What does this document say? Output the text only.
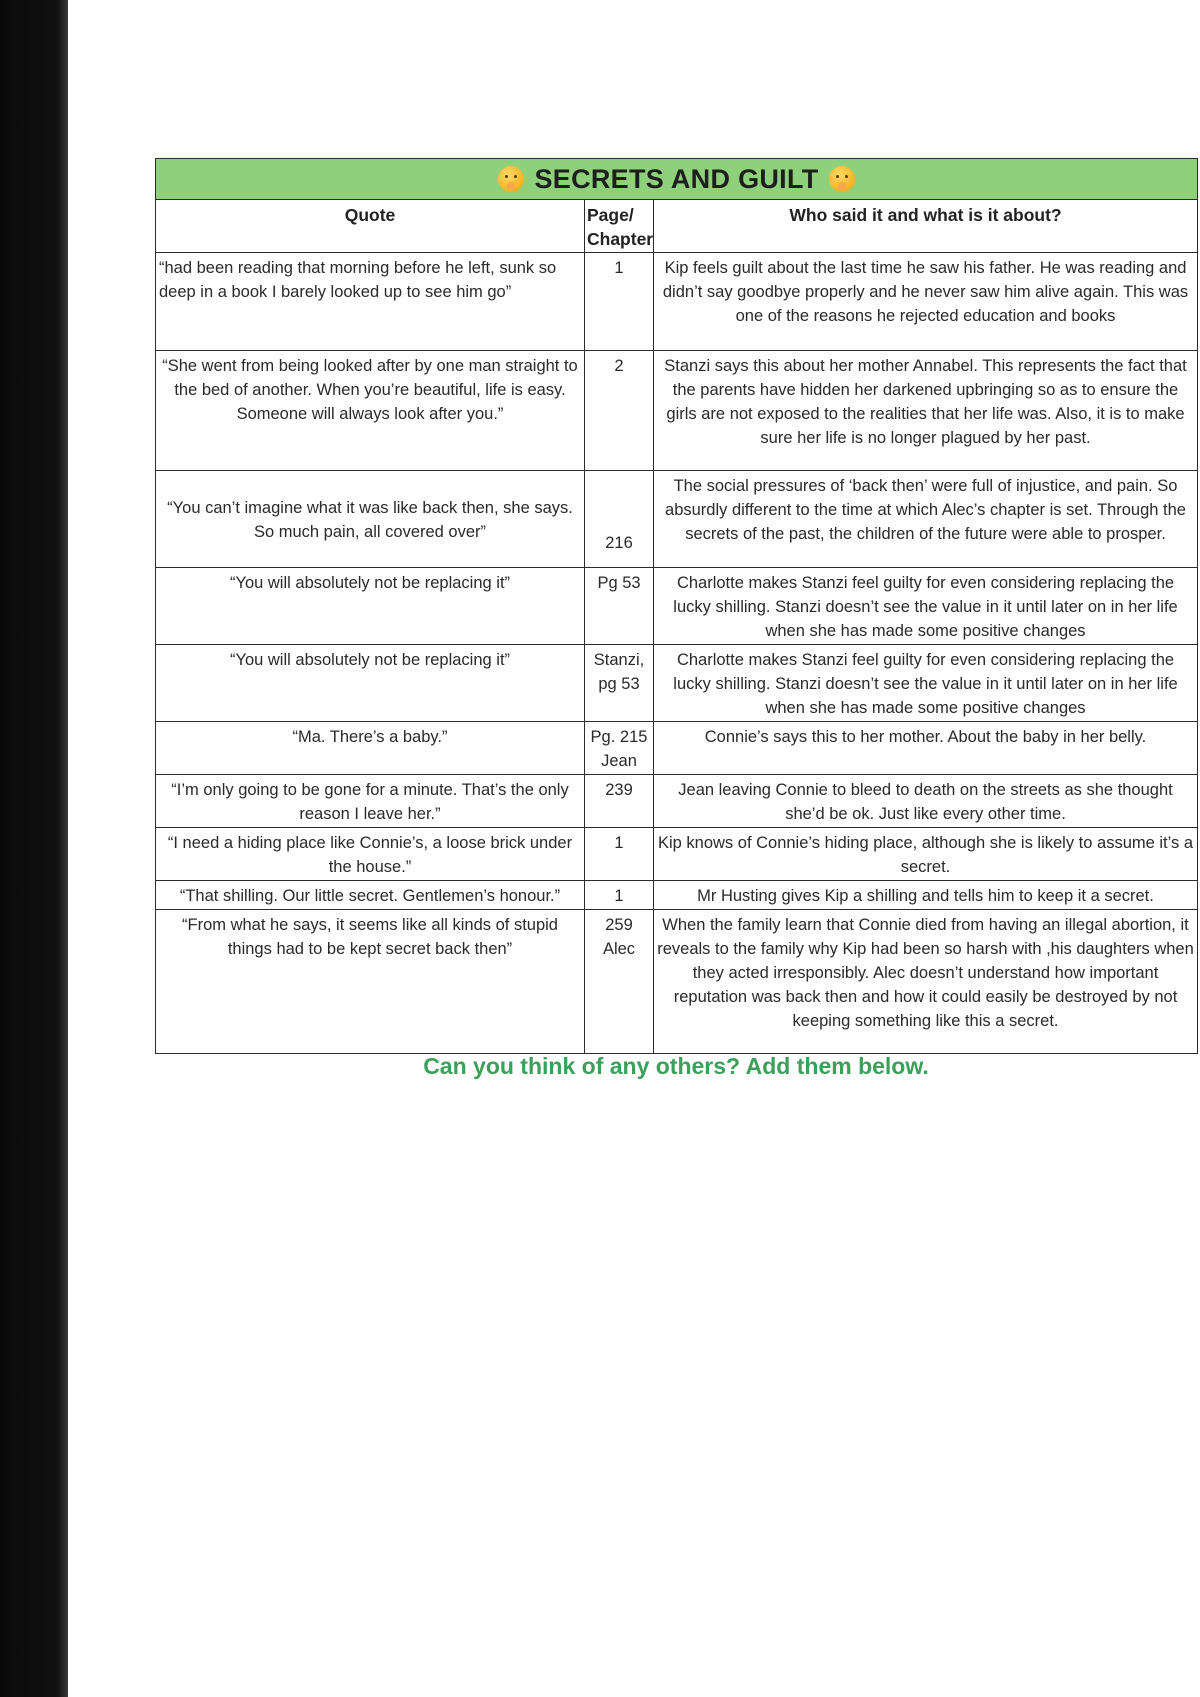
SECRETS AND GUILT		

Quote	Page/ Chapter	Who said it and what is it about?
“had been reading that morning before he left, sunk so deep in a book I barely looked up to see him go”	1	Kip feels guilt about the last time he saw his father. He was reading and didn’t say goodbye properly and he never saw him alive again. This was one of the reasons he rejected education and books
“She went from being looked after by one man straight to the bed of another. When you’re beautiful, life is easy. Someone will always look after you.”	2	Stanzi says this about her mother Annabel. This represents the fact that the parents have hidden her darkened upbringing so as to ensure the girls are not exposed to the realities that her life was. Also, it is to make sure her life is no longer plagued by her past.
“You can’t imagine what it was like back then, she says. So much pain, all covered over”	216	The social pressures of ‘back then’ were full of injustice, and pain. So absurdly different to the time at which Alec’s chapter is set. Through the secrets of the past, the children of the future were able to prosper.
“You will absolutely not be replacing it”	Pg 53	Charlotte makes Stanzi feel guilty for even considering replacing the lucky shilling. Stanzi doesn’t see the value in it until later on in her life when she has made some positive changes
“You will absolutely not be replacing it”	Stanzi, pg 53	Charlotte makes Stanzi feel guilty for even considering replacing the lucky shilling. Stanzi doesn’t see the value in it until later on in her life when she has made some positive changes
“Ma. There’s a baby.”	Pg. 215 Jean	Connie’s says this to her mother. About the baby in her belly.
“I’m only going to be gone for a minute. That’s the only reason I leave her.”	239	Jean leaving Connie to bleed to death on the streets as she thought she’d be ok. Just like every other time.
“I need a hiding place like Connie’s, a loose brick under the house.”	1	Kip knows of Connie’s hiding place, although she is likely to assume it’s a secret.
“That shilling. Our little secret. Gentlemen’s honour.”	1	Mr Husting gives Kip a shilling and tells him to keep it a secret.
“From what he says, it seems like all kinds of stupid things had to be kept secret back then”	259 Alec	When the family learn that Connie died from having an illegal abortion, it reveals to the family why Kip had been so harsh with ,his daughters when they acted irresponsibly. Alec doesn’t understand how important reputation was back then and how it could easily be destroyed by not keeping something like this a secret.
Can you think of any others? Add them below.
